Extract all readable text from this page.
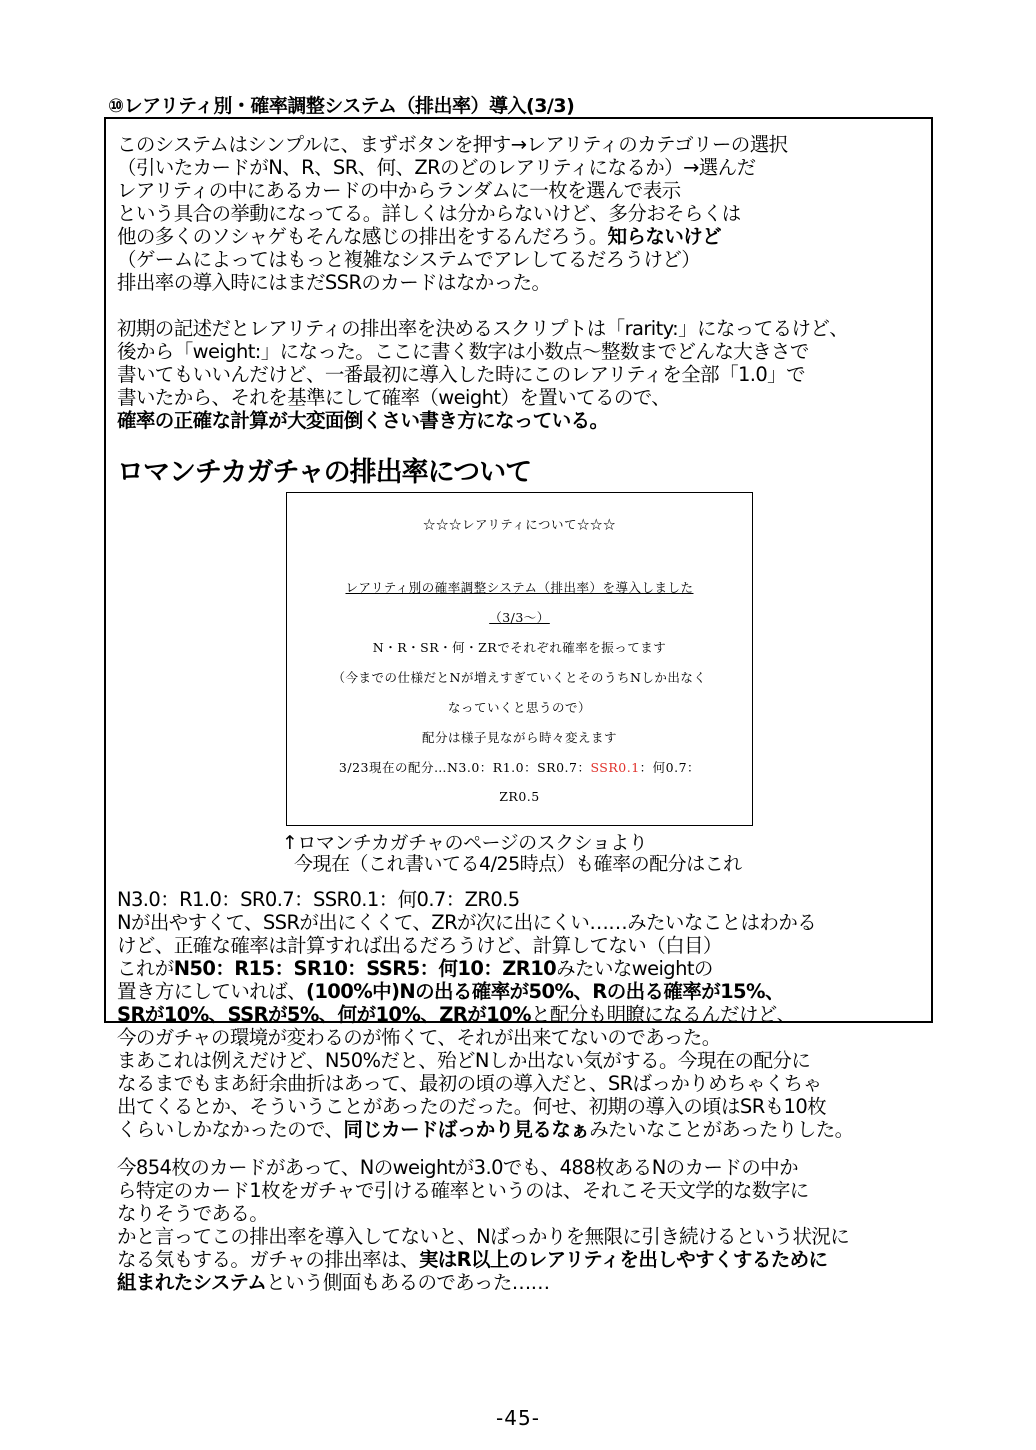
⑩レアリティ別・確率調整システム（排出率）導入(3/3)
このシステムはシンプルに、まずボタンを押す→レアリティのカテゴリーの選択
（引いたカードがN、R、SR、何、ZRのどのレアリティになるか）→選んだ
レアリティの中にあるカードの中からランダムに一枚を選んで表示
という具合の挙動になってる。詳しくは分からないけど、多分おそらくは
他の多くのソシャゲもそんな感じの排出をするんだろう。知らないけど
（ゲームによってはもっと複雑なシステムでアレしてるだろうけど）
排出率の導入時にはまだSSRのカードはなかった。
初期の記述だとレアリティの排出率を決めるスクリプトは「rarity:」になってるけど、
後から「weight:」になった。ここに書く数字は小数点〜整数までどんな大きさで
書いてもいいんだけど、一番最初に導入した時にこのレアリティを全部「1.0」で
書いたから、それを基準にして確率（weight）を置いてるので、
確率の正確な計算が大変面倒くさい書き方になっている。
ロマンチカガチャの排出率について
☆☆☆レアリティについて☆☆☆
レアリティ別の確率調整システム（排出率）を導入しました
（3/3〜）
N・R・SR・何・ZRでそれぞれ確率を振ってます
（今までの仕様だとNが増えすぎていくとそのうちNしか出なく
なっていくと思うので）
配分は様子見ながら時々変えます
3/23現在の配分…N3.0：R1.0：SR0.7：SSR0.1：何0.7：
ZR0.5
↑ロマンチカガチャのページのスクショより
今現在（これ書いてる4/25時点）も確率の配分はこれ
N3.0：R1.0：SR0.7：SSR0.1：何0.7：ZR0.5
Nが出やすくて、SSRが出にくくて、ZRが次に出にくい……みたいなことはわかる
けど、正確な確率は計算すれば出るだろうけど、計算してない（白目）
これがN50：R15：SR10：SSR5：何10：ZR10みたいなweightの
置き方にしていれば、(100%中)Nの出る確率が50%、Rの出る確率が15%、
SRが10%、SSRが5%、何が10%、ZRが10%と配分も明瞭になるんだけど、
今のガチャの環境が変わるのが怖くて、それが出来てないのであった。
まあこれは例えだけど、N50%だと、殆どNしか出ない気がする。今現在の配分に
なるまでもまあ紆余曲折はあって、最初の頃の導入だと、SRばっかりめちゃくちゃ
出てくるとか、そういうことがあったのだった。何せ、初期の導入の頃はSRも10枚
くらいしかなかったので、同じカードばっかり見るなぁみたいなことがあったりした。
今854枚のカードがあって、Nのweightが3.0でも、488枚あるNのカードの中か
ら特定のカード1枚をガチャで引ける確率というのは、それこそ天文学的な数字に
なりそうである。
かと言ってこの排出率を導入してないと、Nばっかりを無限に引き続けるという状況に
なる気もする。ガチャの排出率は、実はR以上のレアリティを出しやすくするために
組まれたシステムという側面もあるのであった……
-45-
